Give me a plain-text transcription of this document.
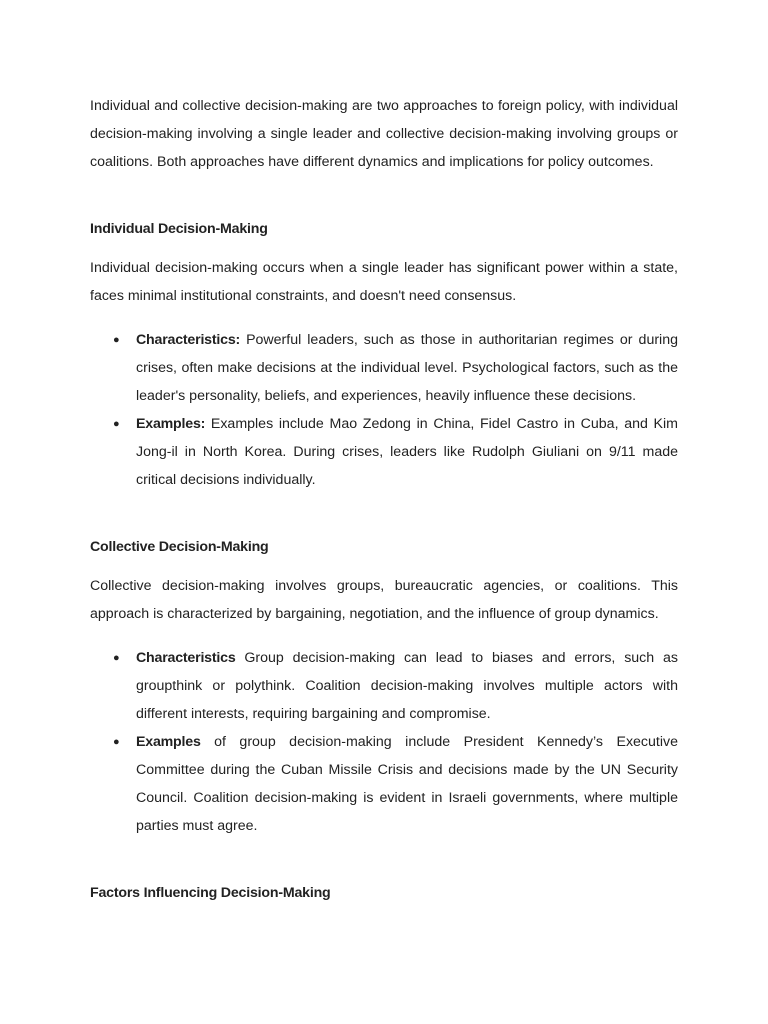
Individual and collective decision-making are two approaches to foreign policy, with individual decision-making involving a single leader and collective decision-making involving groups or coalitions. Both approaches have different dynamics and implications for policy outcomes.

Individual Decision-Making

Individual decision-making occurs when a single leader has significant power within a state, faces minimal institutional constraints, and doesn't need consensus.

● Characteristics: Powerful leaders, such as those in authoritarian regimes or during crises, often make decisions at the individual level. Psychological factors, such as the leader's personality, beliefs, and experiences, heavily influence these decisions.
● Examples: Examples include Mao Zedong in China, Fidel Castro in Cuba, and Kim Jong-il in North Korea. During crises, leaders like Rudolph Giuliani on 9/11 made critical decisions individually.
Collective Decision-Making

Collective decision-making involves groups, bureaucratic agencies, or coalitions. This approach is characterized by bargaining, negotiation, and the influence of group dynamics.

● Characteristics Group decision-making can lead to biases and errors, such as groupthink or polythink. Coalition decision-making involves multiple actors with different interests, requiring bargaining and compromise.
● Examples of group decision-making include President Kennedy’s Executive Committee during the Cuban Missile Crisis and decisions made by the UN Security Council. Coalition decision-making is evident in Israeli governments, where multiple parties must agree.
Factors Influencing Decision-Making
